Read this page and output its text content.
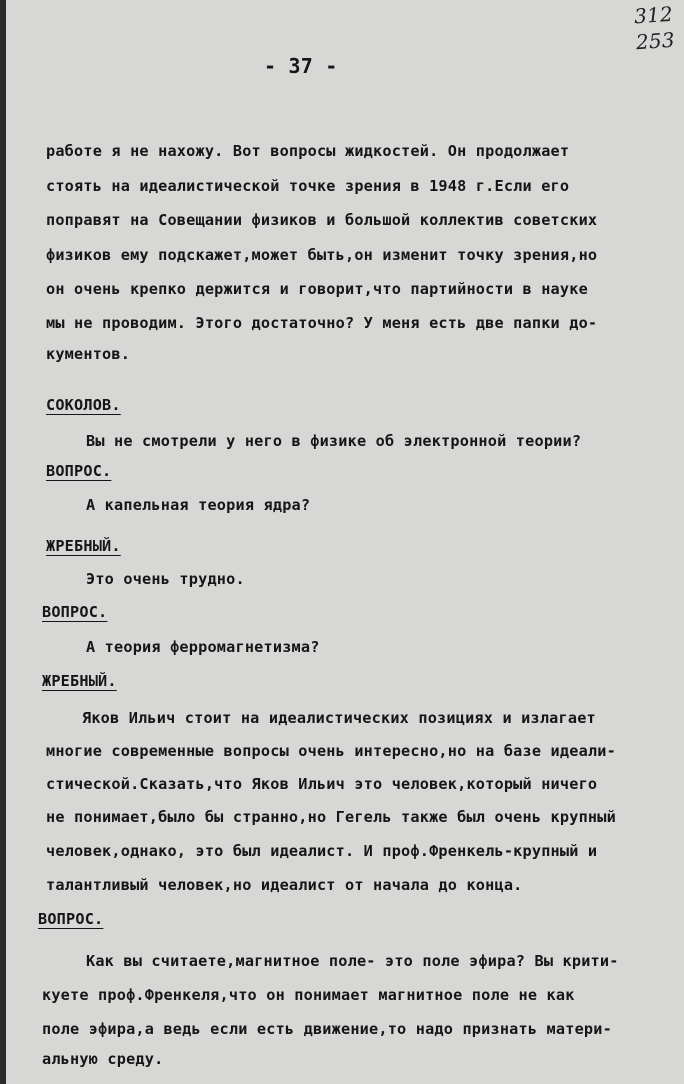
312
253
- 37 -
работе я не нахожу. Вот вопросы жидкостей. Он продолжает
стоять на идеалистической точке зрения в 1948 г.Если его
поправят на Совещании физиков и большой коллектив советских
физиков ему подскажет,может быть,он изменит точку зрения,но
он очень крепко держится и говорит,что партийности в науке
мы не проводим. Этого достаточно? У меня есть две папки до-
кументов.
СОКОЛОВ.
Вы не смотрели у него в физике об электронной теории?
ВОПРОС.
А капельная теория ядра?
ЖРЕБНЫЙ.
Это очень трудно.
ВОПРОС.
А теория ферромагнетизма?
ЖРЕБНЫЙ.
Яков Ильич стоит на идеалистических позициях и излагает
многие современные вопросы очень интересно,но на базе идеали-
стической.Сказать,что Яков Ильич это человек,который ничего
не понимает,было бы странно,но Гегель также был очень крупный
человек,однако, это был идеалист. И проф.Френкель-крупный и
талантливый человек,но идеалист от начала до конца.
ВОПРОС.
Как вы считаете,магнитное поле- это поле эфира? Вы крити-
куете проф.Френкеля,что он понимает магнитное поле не как
поле эфира,а ведь если есть движение,то надо признать матери-
альную среду.
